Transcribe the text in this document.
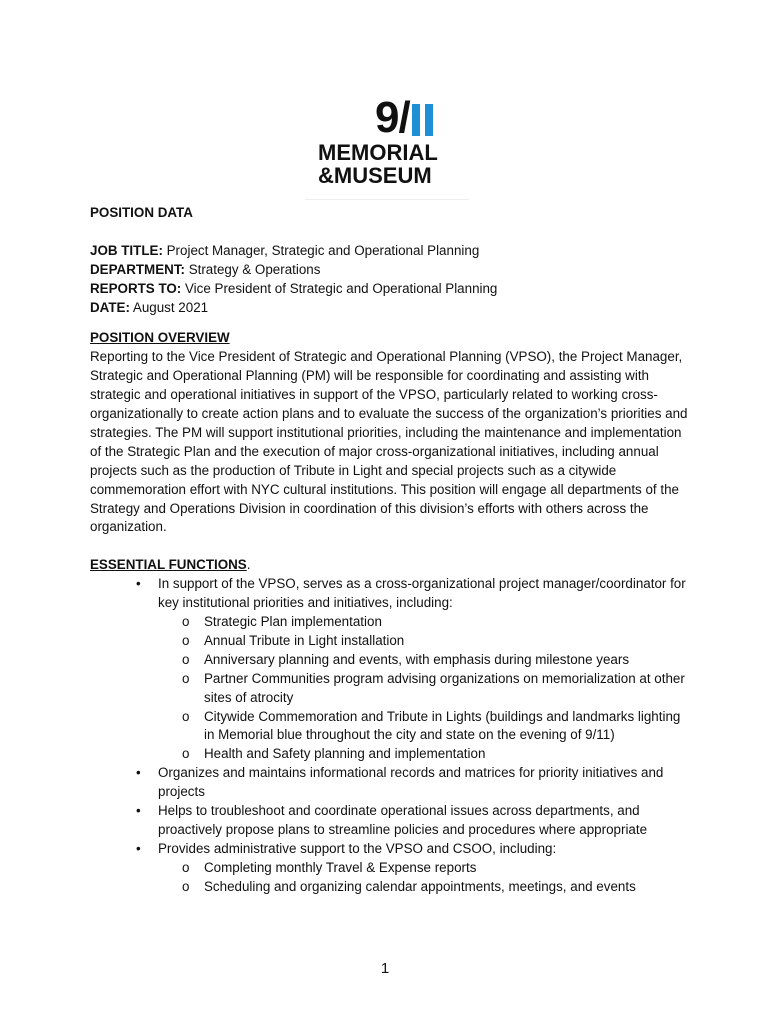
9/
MEMORIAL
&MUSEUM

POSITION DATA

JOB TITLE: Project Manager, Strategic and Operational Planning

DEPARTMENT: Strategy & Operations

REPORTS TO: Vice President of Strategic and Operational Planning

DATE: August 2021

POSITION OVERVIEW

Reporting to the Vice President of Strategic and Operational Planning (VPSO), the Project Manager, Strategic and Operational Planning (PM) will be responsible for coordinating and assisting with strategic and operational initiatives in support of the VPSO, particularly related to working cross-organizationally to create action plans and to evaluate the success of the organization’s priorities and strategies. The PM will support institutional priorities, including the maintenance and implementation of the Strategic Plan and the execution of major cross-organizational initiatives, including annual projects such as the production of Tribute in Light and special projects such as a citywide commemoration effort with NYC cultural institutions. This position will engage all departments of the Strategy and Operations Division in coordination of this division’s efforts with others across the organization.

ESSENTIAL FUNCTIONS.

• In support of the VPSO, serves as a cross-organizational project manager/coordinator for key institutional priorities and initiatives, including:
o Strategic Plan implementation
o Annual Tribute in Light installation
o Anniversary planning and events, with emphasis during milestone years
o Partner Communities program advising organizations on memorialization at other sites of atrocity
o Citywide Commemoration and Tribute in Lights (buildings and landmarks lighting in Memorial blue throughout the city and state on the evening of 9/11)
o Health and Safety planning and implementation
• Organizes and maintains informational records and matrices for priority initiatives and projects
• Helps to troubleshoot and coordinate operational issues across departments, and proactively propose plans to streamline policies and procedures where appropriate
• Provides administrative support to the VPSO and CSOO, including:
o Completing monthly Travel & Expense reports
o Scheduling and organizing calendar appointments, meetings, and events
1
